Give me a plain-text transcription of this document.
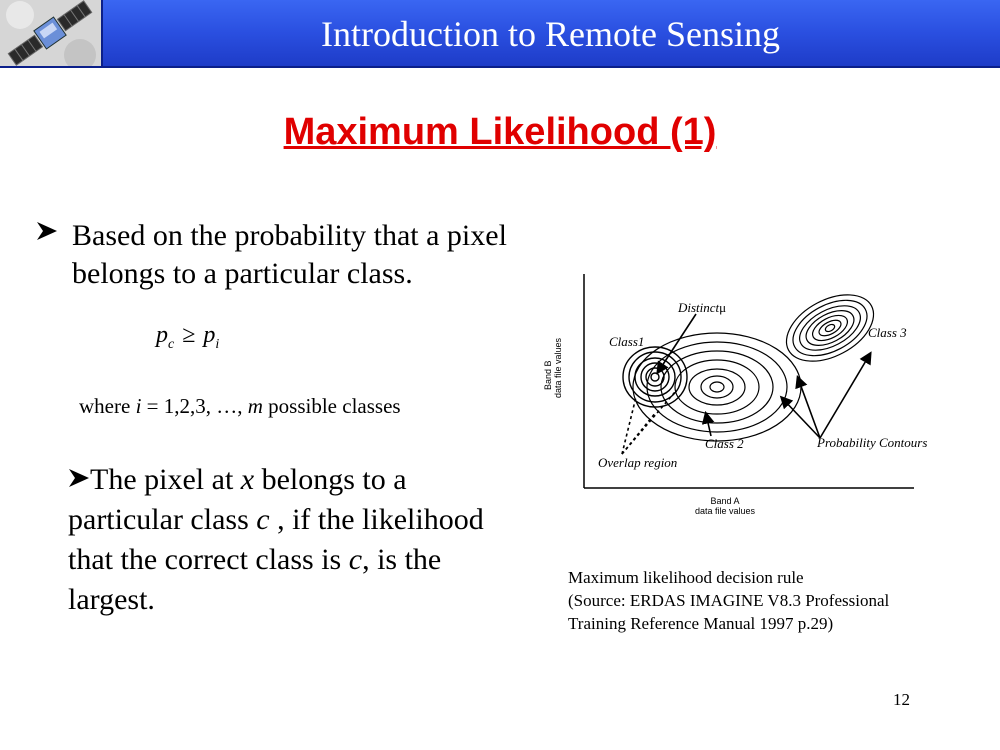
Introduction to Remote Sensing
Maximum Likelihood (1)
Based on the probability that a pixel belongs to a particular class.
$p_c \ge p_i$
where i = 1,2,3, …, m possible classes
The pixel at x belongs to a particular class c , if the likelihood that the correct class is c, is the largest.
Band B data file values
Band A
data file values
Distinctμ
Class1
Class 2
Class 3
Probability Contours
Overlap region
Maximum likelihood decision rule
(Source: ERDAS IMAGINE V8.3 Professional
Training Reference Manual 1997 p.29)
12
